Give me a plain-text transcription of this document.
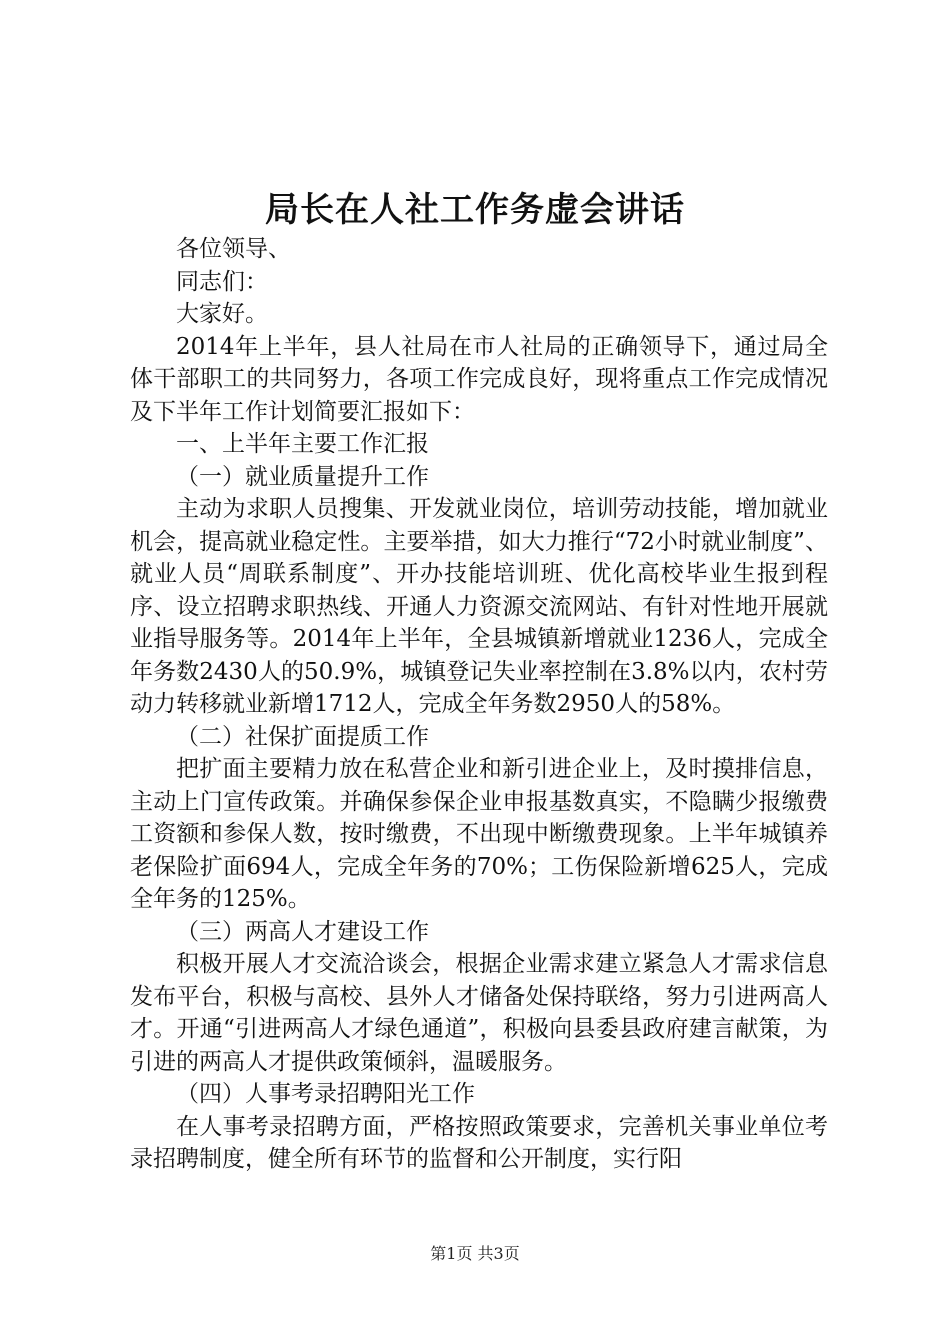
局长在人社工作务虚会讲话

各位领导、

同志们：

大家好。

2014年上半年，县人社局在市人社局的正确领导下，通过局全体干部职工的共同努力，各项工作完成良好，现将重点工作完成情况及下半年工作计划简要汇报如下：

一、上半年主要工作汇报

（一）就业质量提升工作

主动为求职人员搜集、开发就业岗位，培训劳动技能，增加就业机会，提高就业稳定性。主要举措，如大力推行“72小时就业制度”、就业人员“周联系制度”、开办技能培训班、优化高校毕业生报到程序、设立招聘求职热线、开通人力资源交流网站、有针对性地开展就业指导服务等。2014年上半年，全县城镇新增就业1236人，完成全年务数2430人的50.9%，城镇登记失业率控制在3.8%以内，农村劳动力转移就业新增1712人，完成全年务数2950人的58%。

（二）社保扩面提质工作

把扩面主要精力放在私营企业和新引进企业上，及时摸排信息，主动上门宣传政策。并确保参保企业申报基数真实，不隐瞒少报缴费工资额和参保人数，按时缴费，不出现中断缴费现象。上半年城镇养老保险扩面694人，完成全年务的70%；工伤保险新增625人，完成全年务的125%。

（三）两高人才建设工作

积极开展人才交流洽谈会，根据企业需求建立紧急人才需求信息发布平台，积极与高校、县外人才储备处保持联络，努力引进两高人才。开通“引进两高人才绿色通道”，积极向县委县政府建言献策，为引进的两高人才提供政策倾斜，温暖服务。

（四）人事考录招聘阳光工作

在人事考录招聘方面，严格按照政策要求，完善机关事业单位考录招聘制度，健全所有环节的监督和公开制度，实行阳

第1页 共3页
